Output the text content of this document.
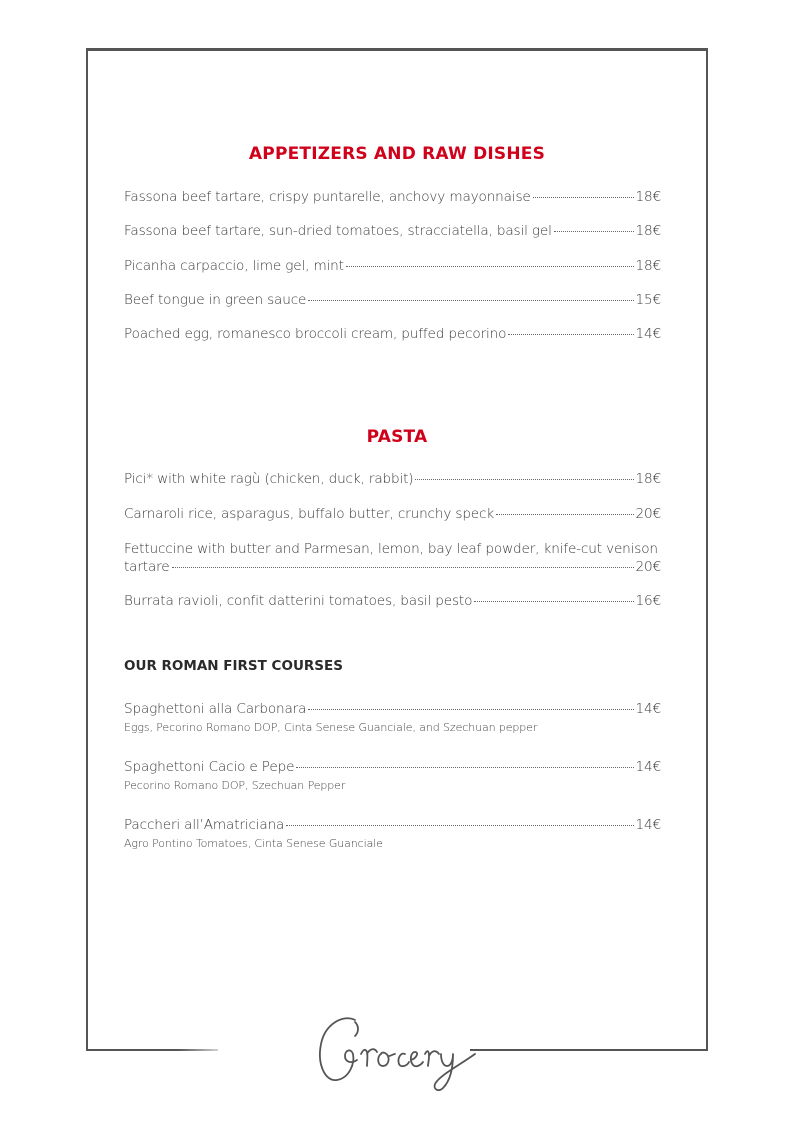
APPETIZERS AND RAW DISHES
Fassona beef tartare, crispy puntarelle, anchovy mayonnaise	18€
Fassona beef tartare, sun-dried tomatoes, stracciatella, basil gel	18€
Picanha carpaccio, lime gel, mint	18€
Beef tongue in green sauce	15€
Poached egg, romanesco broccoli cream, puffed pecorino	14€
PASTA
Pici* with white ragù (chicken, duck, rabbit)	18€
Carnaroli rice, asparagus, buffalo butter, crunchy speck	20€
Fettuccine with butter and Parmesan, lemon, bay leaf powder, knife-cut venison
tartare	20€
Burrata ravioli, confit datterini tomatoes, basil pesto	16€
OUR ROMAN FIRST COURSES
Spaghettoni alla Carbonara	14€
Eggs, Pecorino Romano DOP, Cinta Senese Guanciale, and Szechuan pepper
Spaghettoni Cacio e Pepe	14€
Pecorino Romano DOP, Szechuan Pepper
Paccheri all’Amatriciana	14€
Agro Pontino Tomatoes, Cinta Senese Guanciale
